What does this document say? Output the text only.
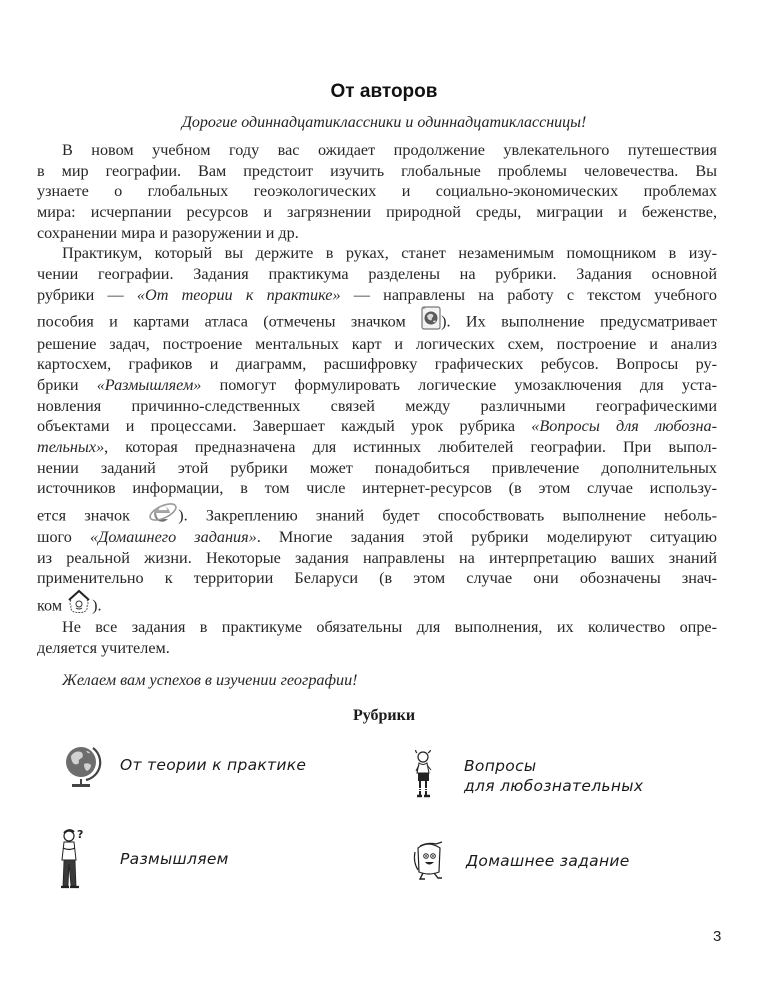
От авторов
Дорогие одиннадцатиклассники и одиннадцатиклассницы!
В новом учебном году вас ожидает продолжение увлекательного путешествия
в мир географии. Вам предстоит изучить глобальные проблемы человечества. Вы
узнаете о глобальных геоэкологических и социально-экономических проблемах
мира: исчерпании ресурсов и загрязнении природной среды, миграции и беженстве,
сохранении мира и разоружении и др.
Практикум, который вы держите в руках, станет незаменимым помощником в изу-
чении географии. Задания практикума разделены на рубрики. Задания основной
рубрики — «От теории к практике» — направлены на работу с текстом учебного
пособия и картами атласа (отмечены значком ). Их выполнение предусматривает
решение задач, построение ментальных карт и логических схем, построение и анализ
картосхем, графиков и диаграмм, расшифровку графических ребусов. Вопросы ру-
брики «Размышляем» помогут формулировать логические умозаключения для уста-
новления причинно-следственных связей между различными географическими
объектами и процессами. Завершает каждый урок рубрика «Вопросы для любозна-
тельных», которая предназначена для истинных любителей географии. При выпол-
нении заданий этой рубрики может понадобиться привлечение дополнительных
источников информации, в том числе интернет-ресурсов (в этом случае использу-
ется значок ). Закреплению знаний будет способствовать выполнение неболь-
шого «Домашнего задания». Многие задания этой рубрики моделируют ситуацию
из реальной жизни. Некоторые задания направлены на интерпретацию ваших знаний
применительно к территории Беларуси (в этом случае они обозначены знач-
ком ).
Не все задания в практикуме обязательны для выполнения, их количество опре-
деляется учителем.
Желаем вам успехов в изучении географии!
Рубрики
От теории к практике	Вопросы
для любознательных
?
Размышляем	Домашнее задание
3
